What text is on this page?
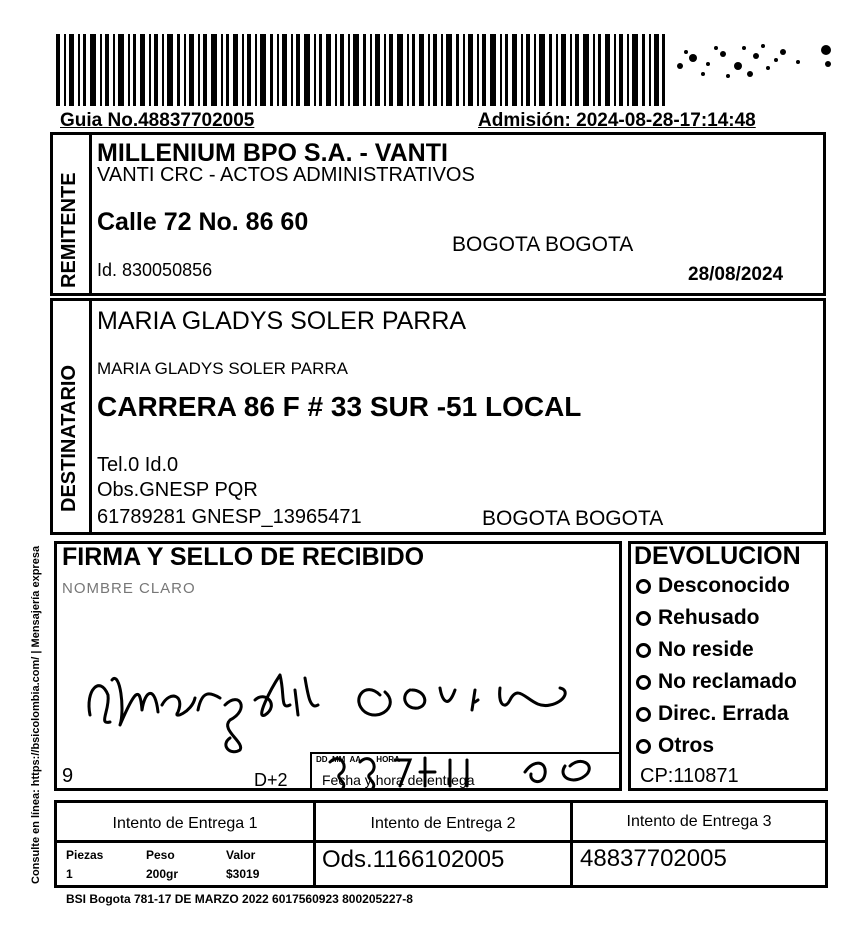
Guia No.48837702005	Admisión: 2024-08-28-17:14:48
Consulte en línea: https://bsicolombia.com/ | Mensajería expresa
REMITENTE
MILLENIUM BPO S.A. - VANTI
VANTI CRC - ACTOS ADMINISTRATIVOS
Calle 72 No. 86 60
BOGOTA BOGOTA
Id. 830050856	28/08/2024
DESTINATARIO
MARIA GLADYS SOLER PARRA
MARIA GLADYS SOLER PARRA
CARRERA 86 F # 33 SUR -51 LOCAL
Tel.0 Id.0
Obs.GNESP PQR
61789281 GNESP_13965471	BOGOTA BOGOTA
FIRMA Y SELLO DE RECIBIDO
NOMBRE CLARO
9	D+2
DD  MM  AA       HORA
Fecha y hora de entrega
DEVOLUCION
Desconocido
Rehusado
No reside
No reclamado
Direc. Errada
Otros
CP:110871
Intento de Entrega 1	Intento de Entrega 2	Intento de Entrega 3
Piezas	Peso	Valor
1	200gr	$3019
Ods.1166102005	48837702005
BSI Bogota 781-17 DE MARZO 2022 6017560923 800205227-8
